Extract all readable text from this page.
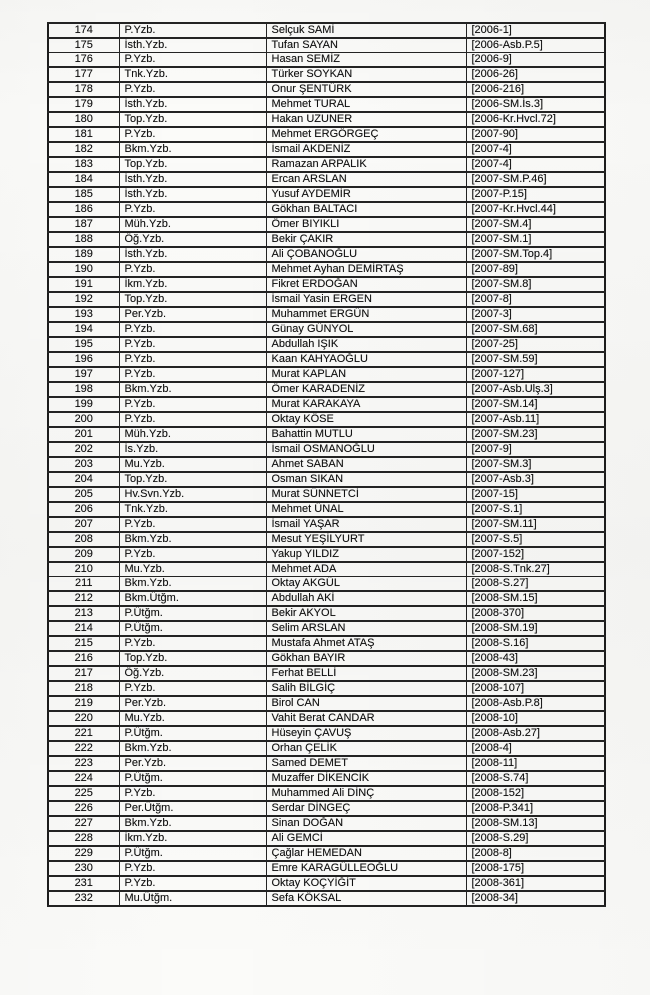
174	P.Yzb.	Selçuk SAMİ	[2006-1]
175	İsth.Yzb.	Tufan SAYAN	[2006-Asb.P.5]
176	P.Yzb.	Hasan SEMİZ	[2006-9]
177	Tnk.Yzb.	Türker SOYKAN	[2006-26]
178	P.Yzb.	Onur ŞENTÜRK	[2006-216]
179	İsth.Yzb.	Mehmet TURAL	[2006-SM.İs.3]
180	Top.Yzb.	Hakan UZUNER	[2006-Kr.Hvcl.72]
181	P.Yzb.	Mehmet ERGÖRGEÇ	[2007-90]
182	Bkm.Yzb.	İsmail AKDENİZ	[2007-4]
183	Top.Yzb.	Ramazan ARPALIK	[2007-4]
184	İsth.Yzb.	Ercan ARSLAN	[2007-SM.P.46]
185	İsth.Yzb.	Yusuf AYDEMİR	[2007-P.15]
186	P.Yzb.	Gökhan BALTACI	[2007-Kr.Hvcl.44]
187	Müh.Yzb.	Ömer BIYIKLI	[2007-SM.4]
188	Öğ.Yzb.	Bekir ÇAKIR	[2007-SM.1]
189	İsth.Yzb.	Ali ÇOBANOĞLU	[2007-SM.Top.4]
190	P.Yzb.	Mehmet Ayhan DEMİRTAŞ	[2007-89]
191	İkm.Yzb.	Fikret ERDOĞAN	[2007-SM.8]
192	Top.Yzb.	İsmail Yasin ERGEN	[2007-8]
193	Per.Yzb.	Muhammet ERGÜN	[2007-3]
194	P.Yzb.	Günay GÜNYOL	[2007-SM.68]
195	P.Yzb.	Abdullah IŞIK	[2007-25]
196	P.Yzb.	Kaan KAHYAOĞLU	[2007-SM.59]
197	P.Yzb.	Murat KAPLAN	[2007-127]
198	Bkm.Yzb.	Ömer KARADENİZ	[2007-Asb.Ulş.3]
199	P.Yzb.	Murat KARAKAYA	[2007-SM.14]
200	P.Yzb.	Oktay KÖSE	[2007-Asb.11]
201	Müh.Yzb.	Bahattin MUTLU	[2007-SM.23]
202	İs.Yzb.	İsmail OSMANOĞLU	[2007-9]
203	Mu.Yzb.	Ahmet SABAN	[2007-SM.3]
204	Top.Yzb.	Osman SIKAN	[2007-Asb.3]
205	Hv.Svn.Yzb.	Murat SÜNNETCİ	[2007-15]
206	Tnk.Yzb.	Mehmet ÜNAL	[2007-S.1]
207	P.Yzb.	İsmail YAŞAR	[2007-SM.11]
208	Bkm.Yzb.	Mesut YEŞİLYURT	[2007-S.5]
209	P.Yzb.	Yakup YILDIZ	[2007-152]
210	Mu.Yzb.	Mehmet ADA	[2008-S.Tnk.27]
211	Bkm.Yzb.	Oktay AKGÜL	[2008-S.27]
212	Bkm.Ütğm.	Abdullah AKİ	[2008-SM.15]
213	P.Ütğm.	Bekir AKYOL	[2008-370]
214	P.Ütğm.	Selim ARSLAN	[2008-SM.19]
215	P.Yzb.	Mustafa Ahmet ATAŞ	[2008-S.16]
216	Top.Yzb.	Gökhan BAYIR	[2008-43]
217	Öğ.Yzb.	Ferhat BELLİ	[2008-SM.23]
218	P.Yzb.	Salih BİLGİÇ	[2008-107]
219	Per.Yzb.	Birol CAN	[2008-Asb.P.8]
220	Mu.Yzb.	Vahit Berat CANDAR	[2008-10]
221	P.Ütğm.	Hüseyin ÇAVUŞ	[2008-Asb.27]
222	Bkm.Yzb.	Orhan ÇELİK	[2008-4]
223	Per.Yzb.	Samed DEMET	[2008-11]
224	P.Ütğm.	Muzaffer DİKENCİK	[2008-S.74]
225	P.Yzb.	Muhammed Ali DİNÇ	[2008-152]
226	Per.Ütğm.	Serdar DİNGEÇ	[2008-P.341]
227	Bkm.Yzb.	Sinan DOĞAN	[2008-SM.13]
228	İkm.Yzb.	Ali GEMCİ	[2008-S.29]
229	P.Ütğm.	Çağlar HEMEDAN	[2008-8]
230	P.Yzb.	Emre KARAGÜLLEOĞLU	[2008-175]
231	P.Yzb.	Oktay KOÇYİĞİT	[2008-361]
232	Mu.Ütğm.	Sefa KÖKSAL	[2008-34]
